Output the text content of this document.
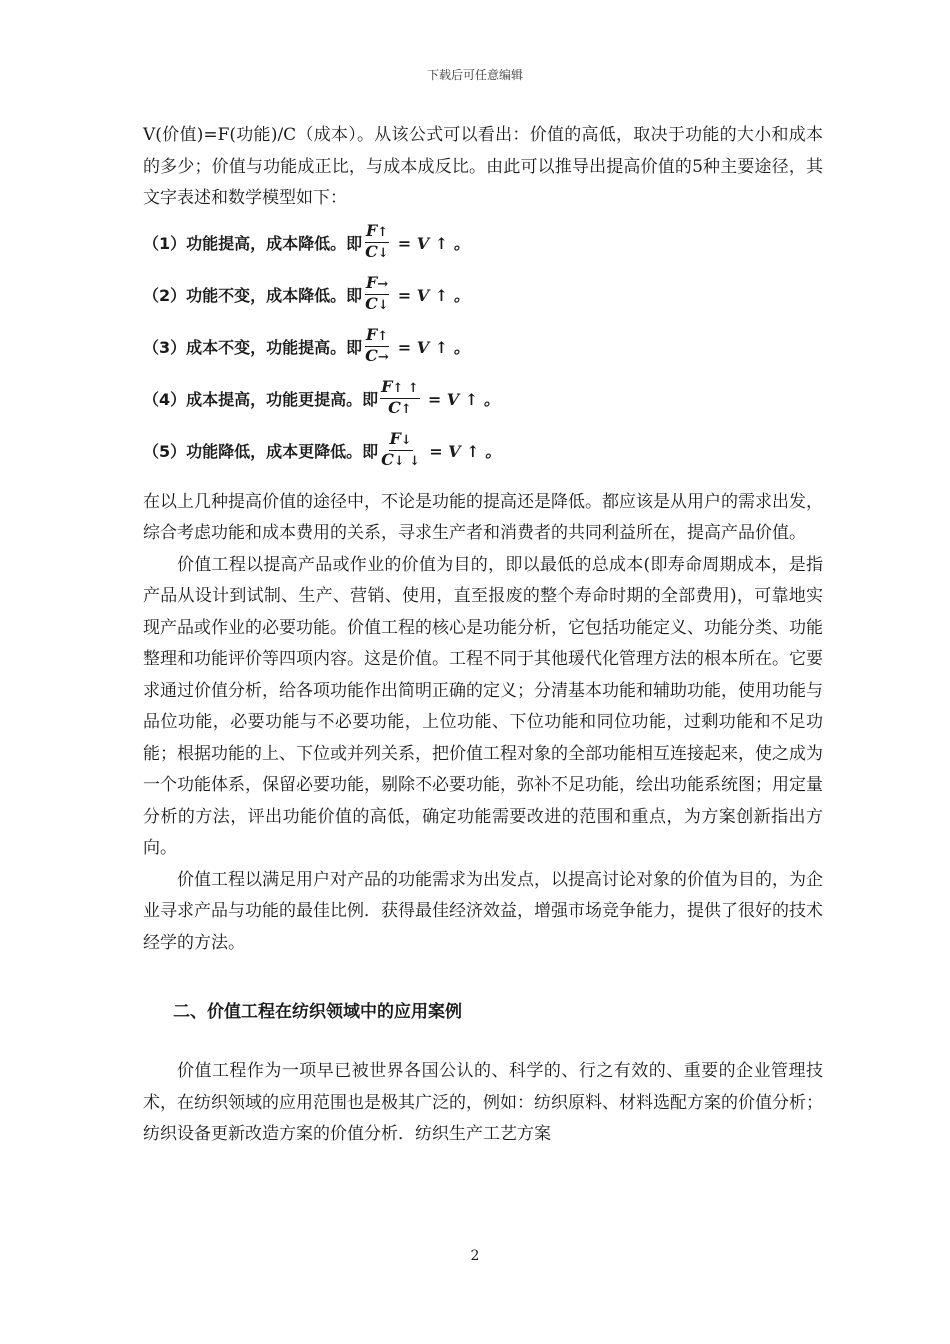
下载后可任意编辑

V(价值)=F(功能)/C（成本）。从该公式可以看出：价值的高低，取决于功能的大小和成本的多少；价值与功能成正比，与成本成反比。由此可以推导出提高价值的5种主要途径，其文字表述和数学模型如下：

（1）功能提高，成本降低。即 $\frac{F↑}{C↓} = V$ ↑ 。
（2）功能不变，成本降低。即 $\frac{F\to}{C↓} = V$ ↑ 。
（3）成本不变，功能提高。即 $\frac{F↑}{C\to} = V$ ↑ 。
（4）成本提高，功能更提高。即 $\frac{F↑ ↑}{C↑} = V$ ↑ 。
（5）功能降低，成本更降低。即 $\frac{F↓}{C↓ ↓} = V$ ↑ 。

在以上几种提高价值的途径中，不论是功能的提高还是降低。都应该是从用户的需求出发，综合考虑功能和成本费用的关系，寻求生产者和消费者的共同利益所在，提高产品价值。

价值工程以提高产品或作业的价值为目的，即以最低的总成本(即寿命周期成本，是指产品从设计到试制、生产、营销、使用，直至报废的整个寿命时期的全部费用)，可靠地实现产品或作业的必要功能。价值工程的核心是功能分析，它包括功能定义、功能分类、功能整理和功能评价等四项内容。这是价值。工程不同于其他瑗代化管理方法的根本所在。它要求通过价值分析，给各项功能作出简明正确的定义；分清基本功能和辅助功能，使用功能与品位功能，必要功能与不必要功能，上位功能、下位功能和同位功能，过剩功能和不足功能；根据功能的上、下位或并列关系，把价值工程对象的全部功能相互连接起来，使之成为一个功能体系，保留必要功能，剔除不必要功能，弥补不足功能，绘出功能系统图；用定量分析的方法，评出功能价值的高低，确定功能需要改进的范围和重点，为方案创新指出方向。

价值工程以满足用户对产品的功能需求为出发点，以提高讨论对象的价值为目的，为企业寻求产品与功能的最佳比例．获得最佳经济效益，增强市场竞争能力，提供了很好的技术经学的方法。

二、价值工程在纺织领域中的应用案例

价值工程作为一项早已被世界各国公认的、科学的、行之有效的、重要的企业管理技术，在纺织领域的应用范围也是极其广泛的，例如：纺织原料、材料选配方案的价值分析；纺织设备更新改造方案的价值分析．纺织生产工艺方案

2
